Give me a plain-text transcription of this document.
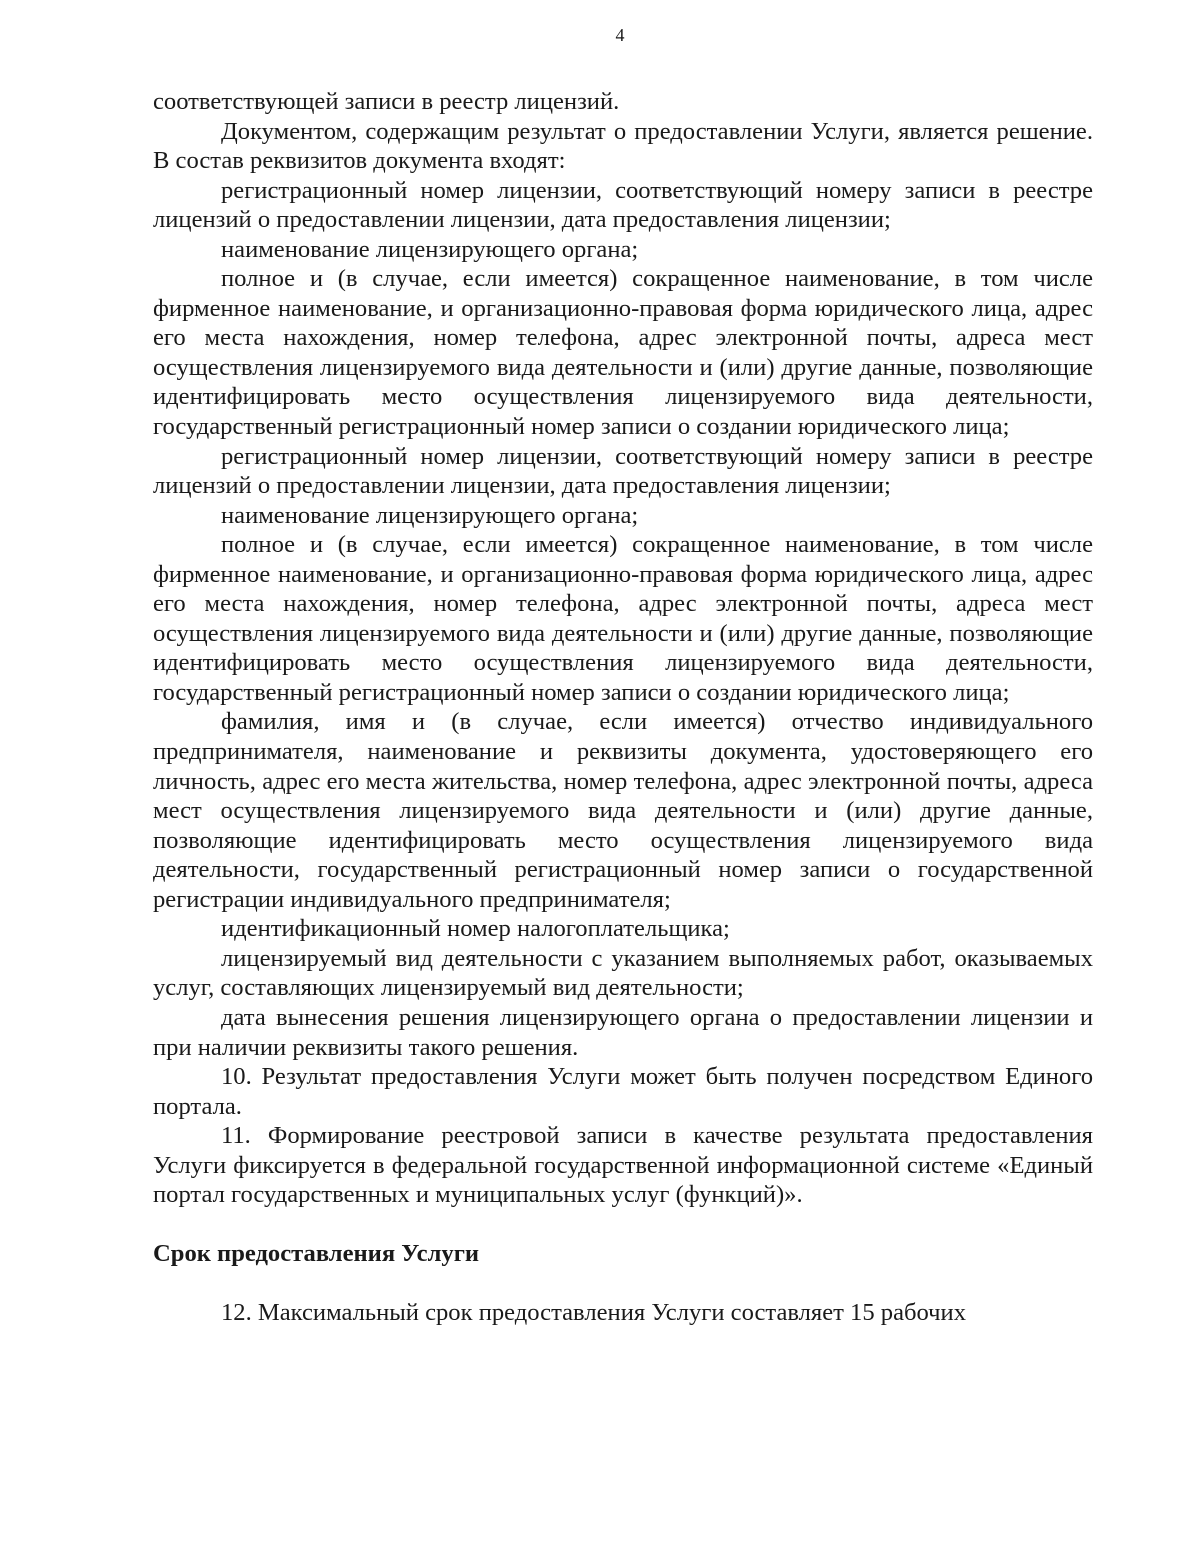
4

соответствующей записи в реестр лицензий.

Документом, содержащим результат о предоставлении Услуги, является решение. В состав реквизитов документа входят:

регистрационный номер лицензии, соответствующий номеру записи в реестре лицензий о предоставлении лицензии, дата предоставления лицензии;

наименование лицензирующего органа;

полное и (в случае, если имеется) сокращенное наименование, в том числе фирменное наименование, и организационно-правовая форма юридического лица, адрес его места нахождения, номер телефона, адрес электронной почты, адреса мест осуществления лицензируемого вида деятельности и (или) другие данные, позволяющие идентифицировать место осуществления лицензируемого вида деятельности, государственный регистрационный номер записи о создании юридического лица;

регистрационный номер лицензии, соответствующий номеру записи в реестре лицензий о предоставлении лицензии, дата предоставления лицензии;

наименование лицензирующего органа;

полное и (в случае, если имеется) сокращенное наименование, в том числе фирменное наименование, и организационно-правовая форма юридического лица, адрес его места нахождения, номер телефона, адрес электронной почты, адреса мест осуществления лицензируемого вида деятельности и (или) другие данные, позволяющие идентифицировать место осуществления лицензируемого вида деятельности, государственный регистрационный номер записи о создании юридического лица;

фамилия, имя и (в случае, если имеется) отчество индивидуального предпринимателя, наименование и реквизиты документа, удостоверяющего его личность, адрес его места жительства, номер телефона, адрес электронной почты, адреса мест осуществления лицензируемого вида деятельности и (или) другие данные, позволяющие идентифицировать место осуществления лицензируемого вида деятельности, государственный регистрационный номер записи о государственной регистрации индивидуального предпринимателя;

идентификационный номер налогоплательщика;

лицензируемый вид деятельности с указанием выполняемых работ, оказываемых услуг, составляющих лицензируемый вид деятельности;

дата вынесения решения лицензирующего органа о предоставлении лицензии и при наличии реквизиты такого решения.

10. Результат предоставления Услуги может быть получен посредством Единого портала.

11. Формирование реестровой записи в качестве результата предоставления Услуги фиксируется в федеральной государственной информационной системе «Единый портал государственных и муниципальных услуг (функций)».

Срок предоставления Услуги

12. Максимальный срок предоставления Услуги составляет 15 рабочих
